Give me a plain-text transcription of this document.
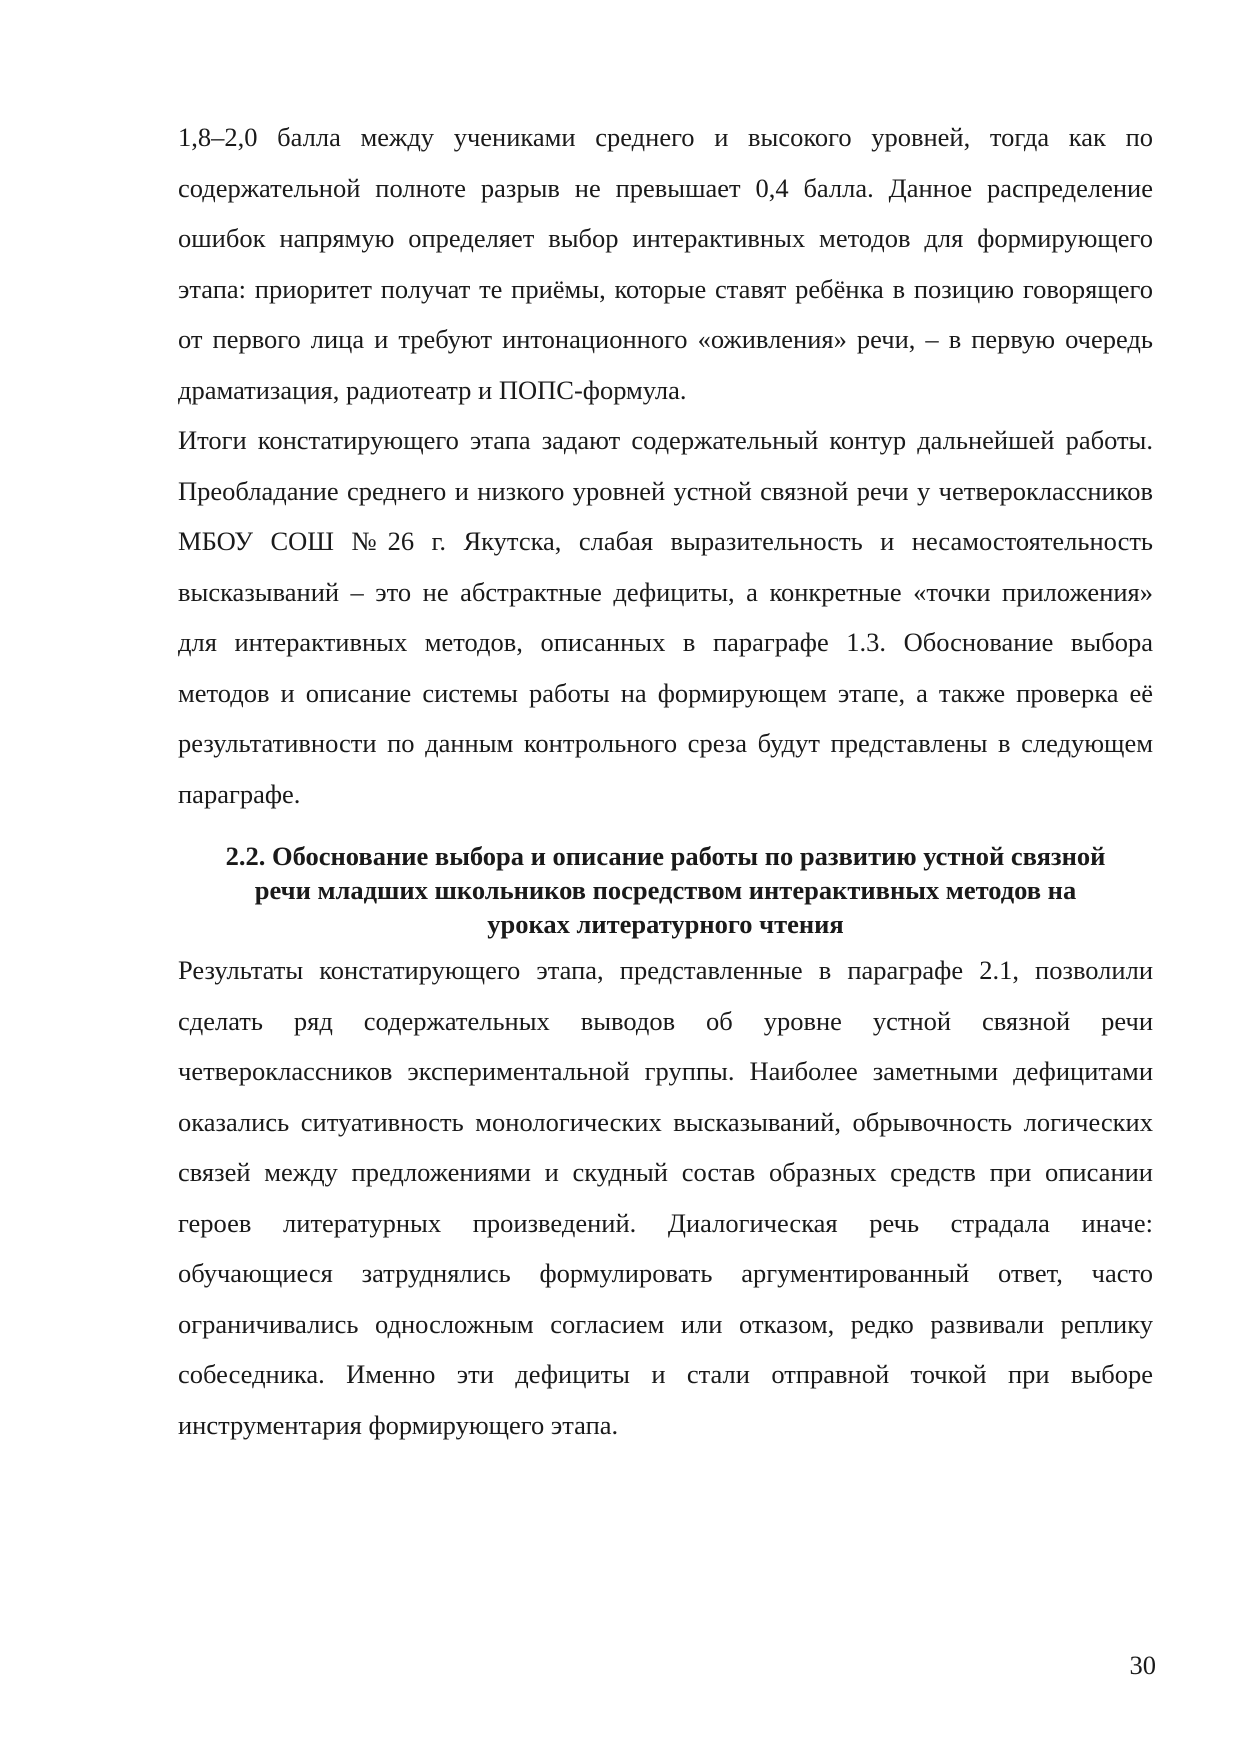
1,8–2,0 балла между учениками среднего и высокого уровней, тогда как по содержательной полноте разрыв не превышает 0,4 балла. Данное распределение ошибок напрямую определяет выбор интерактивных методов для формирующего этапа: приоритет получат те приёмы, которые ставят ребёнка в позицию говорящего от первого лица и требуют интонационного «оживления» речи, – в первую очередь драматизация, радиотеатр и ПОПС-формула.

Итоги констатирующего этапа задают содержательный контур дальнейшей работы. Преобладание среднего и низкого уровней устной связной речи у четвероклассников МБОУ СОШ №26 г. Якутска, слабая выразительность и несамостоятельность высказываний – это не абстрактные дефициты, а конкретные «точки приложения» для интерактивных методов, описанных в параграфе 1.3. Обоснование выбора методов и описание системы работы на формирующем этапе, а также проверка её результативности по данным контрольного среза будут представлены в следующем параграфе.

2.2. Обоснование выбора и описание работы по развитию устной связной
речи младших школьников посредством интерактивных методов на
уроках литературного чтения

Результаты констатирующего этапа, представленные в параграфе 2.1, позволили сделать ряд содержательных выводов об уровне устной связной речи четвероклассников экспериментальной группы. Наиболее заметными дефицитами оказались ситуативность монологических высказываний, обрывочность логических связей между предложениями и скудный состав образных средств при описании героев литературных произведений. Диалогическая речь страдала иначе: обучающиеся затруднялись формулировать аргументированный ответ, часто ограничивались односложным согласием или отказом, редко развивали реплику собеседника. Именно эти дефициты и стали отправной точкой при выборе инструментария формирующего этапа.

30
